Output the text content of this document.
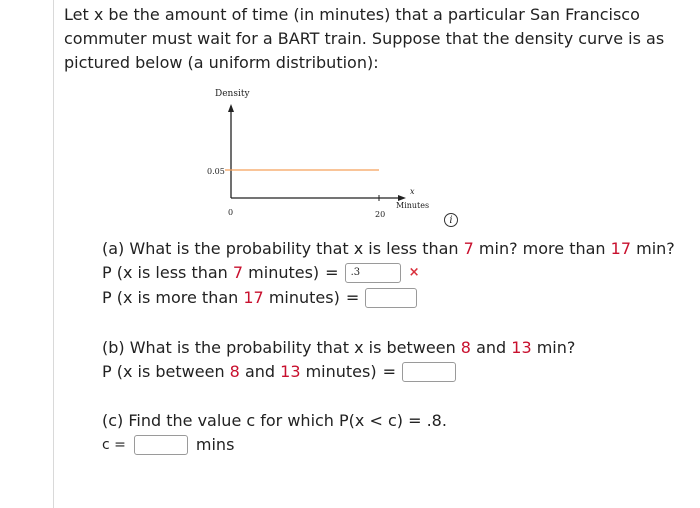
Let x be the amount of time (in minutes) that a particular San Francisco
commuter must wait for a BART train. Suppose that the density curve is as
pictured below (a uniform distribution):
Density
0.05
0	20
x
Minutes
i
(a) What is the probability that x is less than 7 min? more than 17 min?
P (x is less than 7 minutes) =	.3	×
P (x is more than 17 minutes) =
(b) What is the probability that x is between 8 and 13 min?
P (x is between 8 and 13 minutes) =
(c) Find the value c for which P(x < c) = .8.
c =	mins
